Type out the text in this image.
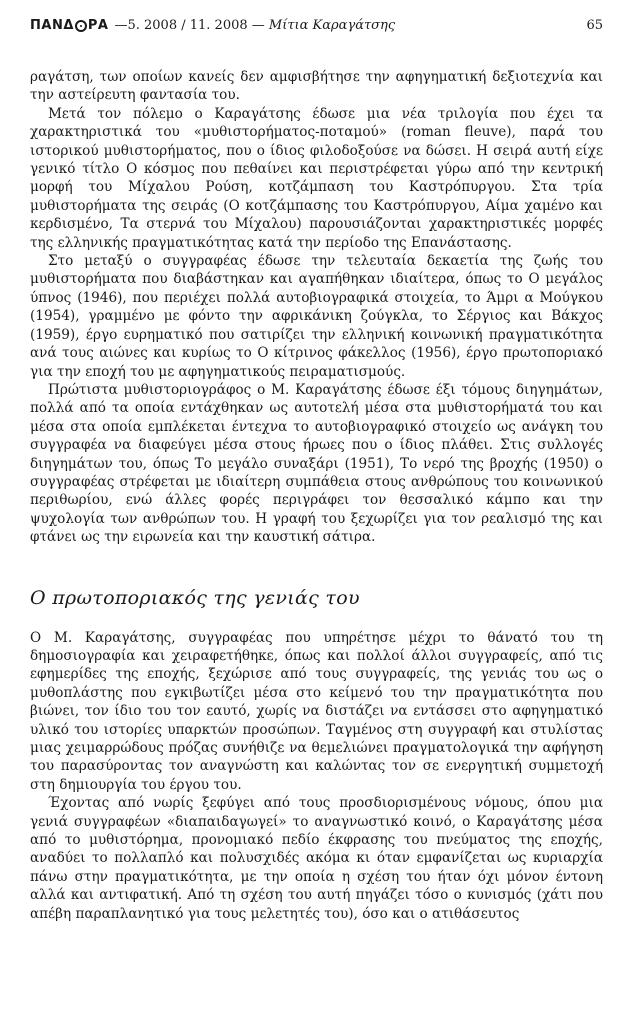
ΠΑΝΔ ΡΑ —5. 2008 / 11. 2008 — Μίτια Καραγάτσης	65

ραγάτση, των οποίων κανείς δεν αμφισβήτησε την αφηγηματική δεξιοτεχνία και την αστείρευτη φαντασία του.

Μετά τον πόλεμο ο Καραγάτσης έδωσε μια νέα τριλογία που έχει τα χαρακτηριστικά του «μυθιστορήματος-ποταμού» (roman fleuve), παρά του ιστορικού μυθιστορήματος, που ο ίδιος φιλοδοξούσε να δώσει. Η σειρά αυτή είχε γενικό τίτλο Ο κόσμος που πεθαίνει και περιστρέφεται γύρω από την κεντρική μορφή του Μίχαλου Ρούση, κοτζάμπαση του Καστρόπυργου. Στα τρία μυθιστορήματα της σειράς (Ο κοτζάμπασης του Καστρόπυργου, Αίμα χαμένο και κερδισμένο, Τα στερνά του Μίχαλου) παρουσιάζονται χαρακτηριστικές μορφές της ελληνικής πραγματικότητας κατά την περίοδο της Επανάστασης.

Στο μεταξύ ο συγγραφέας έδωσε την τελευταία δεκαετία της ζωής του μυθιστορήματα που διαβάστηκαν και αγαπήθηκαν ιδιαίτερα, όπως το Ο μεγάλος ύπνος (1946), που περιέχει πολλά αυτοβιογραφικά στοιχεία, το Άμρι α Μούγκου (1954), γραμμένο με φόντο την αφρικάνικη ζούγκλα, το Σέργιος και Βάκχος (1959), έργο ευρηματικό που σατιρίζει την ελληνική κοινωνική πραγματικότητα ανά τους αιώνες και κυρίως το Ο κίτρινος φάκελλος (1956), έργο πρωτοποριακό για την εποχή του με αφηγηματικούς πειραματισμούς.

Πρώτιστα μυθιστοριογράφος ο Μ. Καραγάτσης έδωσε έξι τόμους διηγημάτων, πολλά από τα οποία εντάχθηκαν ως αυτοτελή μέσα στα μυθιστορήματά του και μέσα στα οποία εμπλέκεται έντεχνα το αυτοβιογραφικό στοιχείο ως ανάγκη του συγγραφέα να διαφεύγει μέσα στους ήρωες που ο ίδιος πλάθει. Στις συλλογές διηγημάτων του, όπως Το μεγάλο συναξάρι (1951), Το νερό της βροχής (1950) ο συγγραφέας στρέφεται με ιδιαίτερη συμπάθεια στους ανθρώπους του κοινωνικού περιθωρίου, ενώ άλλες φορές περιγράφει τον θεσσαλικό κάμπο και την ψυχολογία των ανθρώπων του. Η γραφή του ξεχωρίζει για τον ρεαλισμό της και φτάνει ως την ειρωνεία και την καυστική σάτιρα.

Ο πρωτοποριακός της γενιάς του

Ο Μ. Καραγάτσης, συγγραφέας που υπηρέτησε μέχρι το θάνατό του τη δημοσιογραφία και χειραφετήθηκε, όπως και πολλοί άλλοι συγγραφείς, από τις εφημερίδες της εποχής, ξεχώρισε από τους συγγραφείς, της γενιάς του ως ο μυθοπλάστης που εγκιβωτίζει μέσα στο κείμενό του την πραγματικότητα που βιώνει, τον ίδιο του τον εαυτό, χωρίς να διστάζει να εντάσσει στο αφηγηματικό υλικό του ιστορίες υπαρκτών προσώπων. Ταγμένος στη συγγραφή και στυλίστας μιας χειμαρρώδους πρόζας συνήθιζε να θεμελιώνει πραγματολογικά την αφήγηση του παρασύροντας τον αναγνώστη και καλώντας τον σε ενεργητική συμμετοχή στη δημιουργία του έργου του.

Έχοντας από νωρίς ξεφύγει από τους προσδιορισμένους νόμους, όπου μια γενιά συγγραφέων «διαπαιδαγωγεί» το αναγνωστικό κοινό, ο Καραγάτσης μέσα από το μυθιστόρημα, προνομιακό πεδίο έκφρασης του πνεύματος της εποχής, αναδύει το πολλαπλό και πολυσχιδές ακόμα κι όταν εμφανίζεται ως κυριαρχία πάνω στην πραγματικότητα, με την οποία η σχέση του ήταν όχι μόνον έντονη αλλά και αντιφατική. Από τη σχέση του αυτή πηγάζει τόσο ο κυνισμός (χάτι που απέβη παραπλανητικό για τους μελετητές του), όσο και ο ατιθάσευτος
